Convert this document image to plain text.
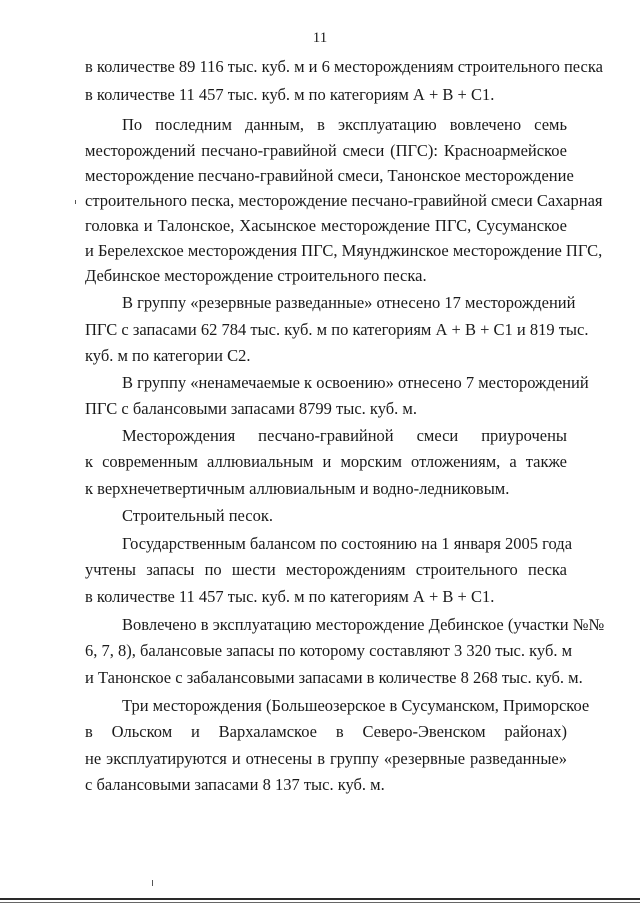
11
в количестве 89 116 тыс. куб. м и 6 месторождениям строительного песка
в количестве 11 457 тыс. куб. м по категориям А + В + С1.
По последним данным, в эксплуатацию вовлечено семь
месторождений песчано-гравийной смеси (ПГС): Красноармейское
месторождение песчано-гравийной смеси, Танонское месторождение
строительного песка, месторождение песчано-гравийной смеси Сахарная
головка и Талонское, Хасынское месторождение ПГС, Сусуманское
и Берелехское месторождения ПГС, Мяунджинское месторождение ПГС,
Дебинское месторождение строительного песка.
В группу «резервные разведанные» отнесено 17 месторождений
ПГС с запасами 62 784 тыс. куб. м по категориям А + В + С1 и 819 тыс.
куб. м по категории С2.
В группу «ненамечаемые к освоению» отнесено 7 месторождений
ПГС с балансовыми запасами 8799 тыс. куб. м.
Месторождения песчано-гравийной смеси приурочены
к современным аллювиальным и морским отложениям, а также
к верхнечетвертичным аллювиальным и водно-ледниковым.
Строительный песок.
Государственным балансом по состоянию на 1 января 2005 года
учтены запасы по шести месторождениям строительного песка
в количестве 11 457 тыс. куб. м по категориям А + В + С1.
Вовлечено в эксплуатацию месторождение Дебинское (участки №№
6, 7, 8), балансовые запасы по которому составляют 3 320 тыс. куб. м
и Танонское с забалансовыми запасами в количестве 8 268 тыс. куб. м.
Три месторождения (Большеозерское в Сусуманском, Приморское
в Ольском и Вархаламское в Северо-Эвенском районах)
не эксплуатируются и отнесены в группу «резервные разведанные»
с балансовыми запасами 8 137 тыс. куб. м.
